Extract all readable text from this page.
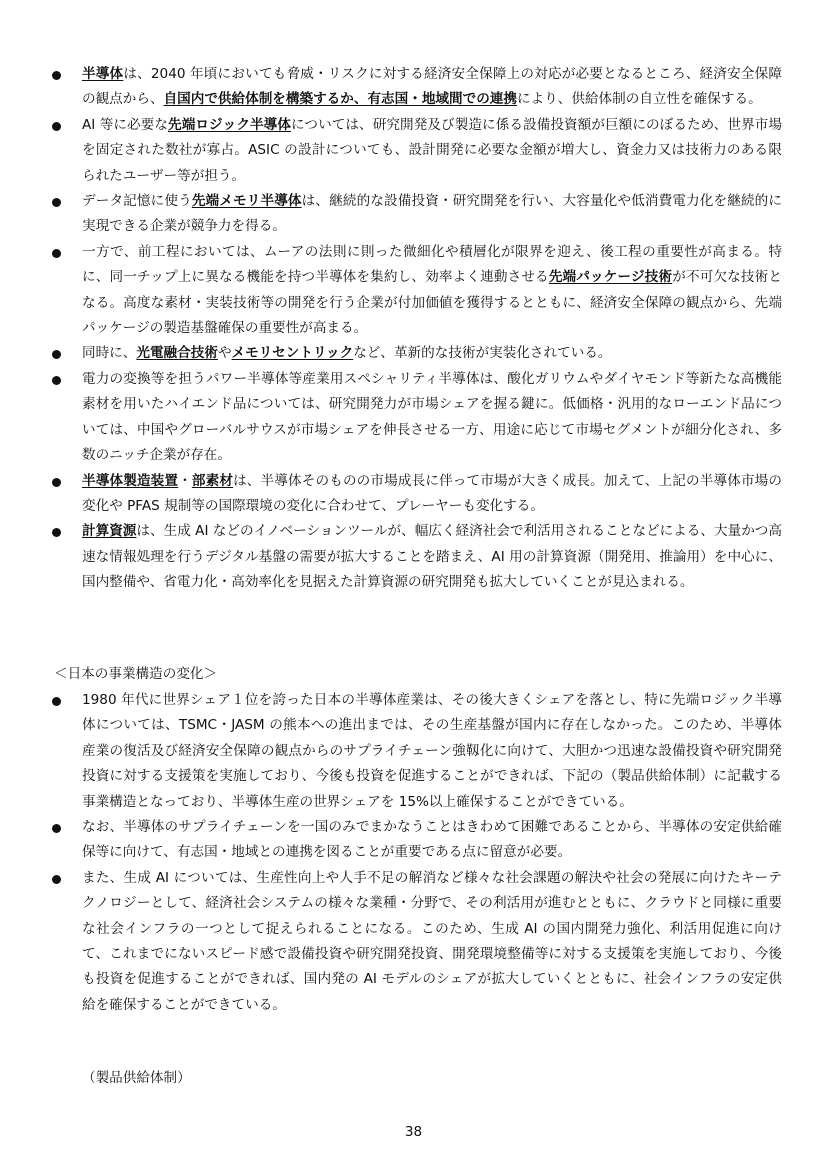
半導体は、2040 年頃においても脅威・リスクに対する経済安全保障上の対応が必要となるところ、経済安全保障の観点から、自国内で供給体制を構築するか、有志国・地域間での連携により、供給体制の自立性を確保する。

AI 等に必要な先端ロジック半導体については、研究開発及び製造に係る設備投資額が巨額にのぼるため、世界市場を固定された数社が寡占。ASIC の設計についても、設計開発に必要な金額が増大し、資金力又は技術力のある限られたユーザー等が担う。

データ記憶に使う先端メモリ半導体は、継続的な設備投資・研究開発を行い、大容量化や低消費電力化を継続的に実現できる企業が競争力を得る。

一方で、前工程においては、ムーアの法則に則った微細化や積層化が限界を迎え、後工程の重要性が高まる。特に、同一チップ上に異なる機能を持つ半導体を集約し、効率よく連動させる先端パッケージ技術が不可欠な技術となる。高度な素材・実装技術等の開発を行う企業が付加価値を獲得するとともに、経済安全保障の観点から、先端パッケージの製造基盤確保の重要性が高まる。

同時に、光電融合技術やメモリセントリックなど、革新的な技術が実装化されている。

電力の変換等を担うパワー半導体等産業用スペシャリティ半導体は、酸化ガリウムやダイヤモンド等新たな高機能素材を用いたハイエンド品については、研究開発力が市場シェアを握る鍵に。低価格・汎用的なローエンド品については、中国やグローバルサウスが市場シェアを伸長させる一方、用途に応じて市場セグメントが細分化され、多数のニッチ企業が存在。

半導体製造装置・部素材は、半導体そのものの市場成長に伴って市場が大きく成長。加えて、上記の半導体市場の変化や PFAS 規制等の国際環境の変化に合わせて、プレーヤーも変化する。

計算資源は、生成 AI などのイノベーションツールが、幅広く経済社会で利活用されることなどによる、大量かつ高速な情報処理を行うデジタル基盤の需要が拡大することを踏まえ、AI 用の計算資源（開発用、推論用）を中心に、国内整備や、省電力化・高効率化を見据えた計算資源の研究開発も拡大していくことが見込まれる。

＜日本の事業構造の変化＞

1980 年代に世界シェア１位を誇った日本の半導体産業は、その後大きくシェアを落とし、特に先端ロジック半導体については、TSMC・JASM の熊本への進出までは、その生産基盤が国内に存在しなかった。このため、半導体産業の復活及び経済安全保障の観点からのサプライチェーン強靱化に向けて、大胆かつ迅速な設備投資や研究開発投資に対する支援策を実施しており、今後も投資を促進することができれば、下記の（製品供給体制）に記載する事業構造となっており、半導体生産の世界シェアを 15%以上確保することができている。

なお、半導体のサプライチェーンを一国のみでまかなうことはきわめて困難であることから、半導体の安定供給確保等に向けて、有志国・地域との連携を図ることが重要である点に留意が必要。

また、生成 AI については、生産性向上や人手不足の解消など様々な社会課題の解決や社会の発展に向けたキーテクノロジーとして、経済社会システムの様々な業種・分野で、その利活用が進むとともに、クラウドと同様に重要な社会インフラの一つとして捉えられることになる。このため、生成 AI の国内開発力強化、利活用促進に向けて、これまでにないスピード感で設備投資や研究開発投資、開発環境整備等に対する支援策を実施しており、今後も投資を促進することができれば、国内発の AI モデルのシェアが拡大していくとともに、社会インフラの安定供給を確保することができている。

（製品供給体制）
38
